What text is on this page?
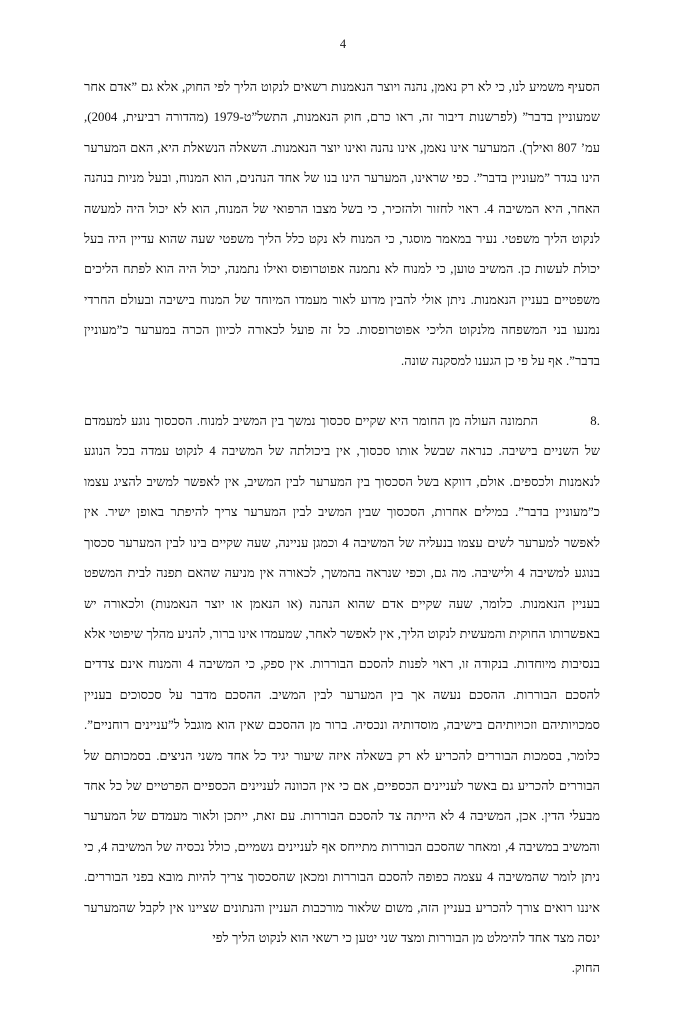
4

הסעיף משמיע לנו, כי לא רק נאמן, נהנה ויוצר הנאמנות רשאים לנקוט הליך לפי החוק, אלא גם ”אדם אחר שמעוניין בדבר” (לפרשנות דיבור זה, ראו כרם, חוק הנאמנות, התשל”ט-1979 (מהדורה רביעית, 2004), עמ’ 807 ואילך). המערער אינו נאמן, אינו נהנה ואינו יוצר הנאמנות. השאלה הנשאלת היא, האם המערער הינו בגדר ”מעוניין בדבר”. כפי שראינו, המערער הינו בנו של אחד הנהנים, הוא המנוח, ובעל מניות בנהנה האחר, היא המשיבה 4. ראוי לחזור ולהזכיר, כי בשל מצבו הרפואי של המנוח, הוא לא יכול היה למעשה לנקוט הליך משפטי. נעיר במאמר מוסגר, כי המנוח לא נקט כלל הליך משפטי שעה שהוא עדיין היה בעל יכולת לעשות כן. המשיב טוען, כי למנוח לא נתמנה אפוטרופוס ואילו נתמנה, יכול היה הוא לפתח הליכים משפטיים בעניין הנאמנות. ניתן אולי להבין מדוע לאור מעמדו המיוחד של המנוח בישיבה ובעולם החרדי נמנעו בני המשפחה מלנקוט הליכי אפוטרופסות. כל זה פועל לכאורה לכיוון הכרה במערער כ”מעוניין בדבר”. אף על פי כן הגענו למסקנה שונה.

.8התמונה העולה מן החומר היא שקיים סכסוך נמשך בין המשיב למנוח. הסכסוך נוגע למעמדם של השניים בישיבה. כנראה שבשל אותו סכסוך, אין ביכולתה של המשיבה 4 לנקוט עמדה בכל הנוגע לנאמנות ולכספים. אולם, דווקא בשל הסכסוך בין המערער לבין המשיב, אין לאפשר למשיב להציג עצמו כ”מעוניין בדבר”. במילים אחרות, הסכסוך שבין המשיב לבין המערער צריך להיפתר באופן ישיר. אין לאפשר למערער לשים עצמו בנעליה של המשיבה 4 וכמגן עניינה, שעה שקיים בינו לבין המערער סכסוך בנוגע למשיבה 4 ולישיבה. מה גם, וכפי שנראה בהמשך, לכאורה אין מניעה שהאם תפנה לבית המשפט בעניין הנאמנות. כלומר, שעה שקיים אדם שהוא הנהנה (או הנאמן או יוצר הנאמנות) ולכאורה יש באפשרותו החוקית והמעשית לנקוט הליך, אין לאפשר לאחר, שמעמדו אינו ברור, להניע מהלך שיפוטי אלא בנסיבות מיוחדות. בנקודה זו, ראוי לפנות להסכם הבוררות. אין ספק, כי המשיבה 4 והמנוח אינם צדדים להסכם הבוררות. ההסכם נעשה אך בין המערער לבין המשיב. ההסכם מדבר על סכסוכים בעניין סמכויותיהם וזכויותיהם בישיבה, מוסדותיה ונכסיה. ברור מן ההסכם שאין הוא מוגבל ל”עניינים רוחניים”. כלומר, בסמכות הבוררים להכריע לא רק בשאלה איזה שיעור יגיד כל אחד משני הניצים. בסמכותם של הבוררים להכריע גם באשר לעניינים הכספיים, אם כי אין הכוונה לעניינים הכספיים הפרטיים של כל אחד מבעלי הדין. אכן, המשיבה 4 לא הייתה צד להסכם הבוררות. עם זאת, ייתכן ולאור מעמדם של המערער והמשיב במשיבה 4, ומאחר שהסכם הבוררות מתייחס אף לעניינים גשמיים, כולל נכסיה של המשיבה 4, כי ניתן לומר שהמשיבה 4 עצמה כפופה להסכם הבוררות ומכאן שהסכסוך צריך להיות מובא בפני הבוררים. איננו רואים צורך להכריע בעניין הזה, משום שלאור מורכבות העניין והנתונים שציינו אין לקבל שהמערער ינסה מצד אחד להימלט מן הבוררות ומצד שני יטען כי רשאי הוא לנקוט הליך לפי

החוק.
